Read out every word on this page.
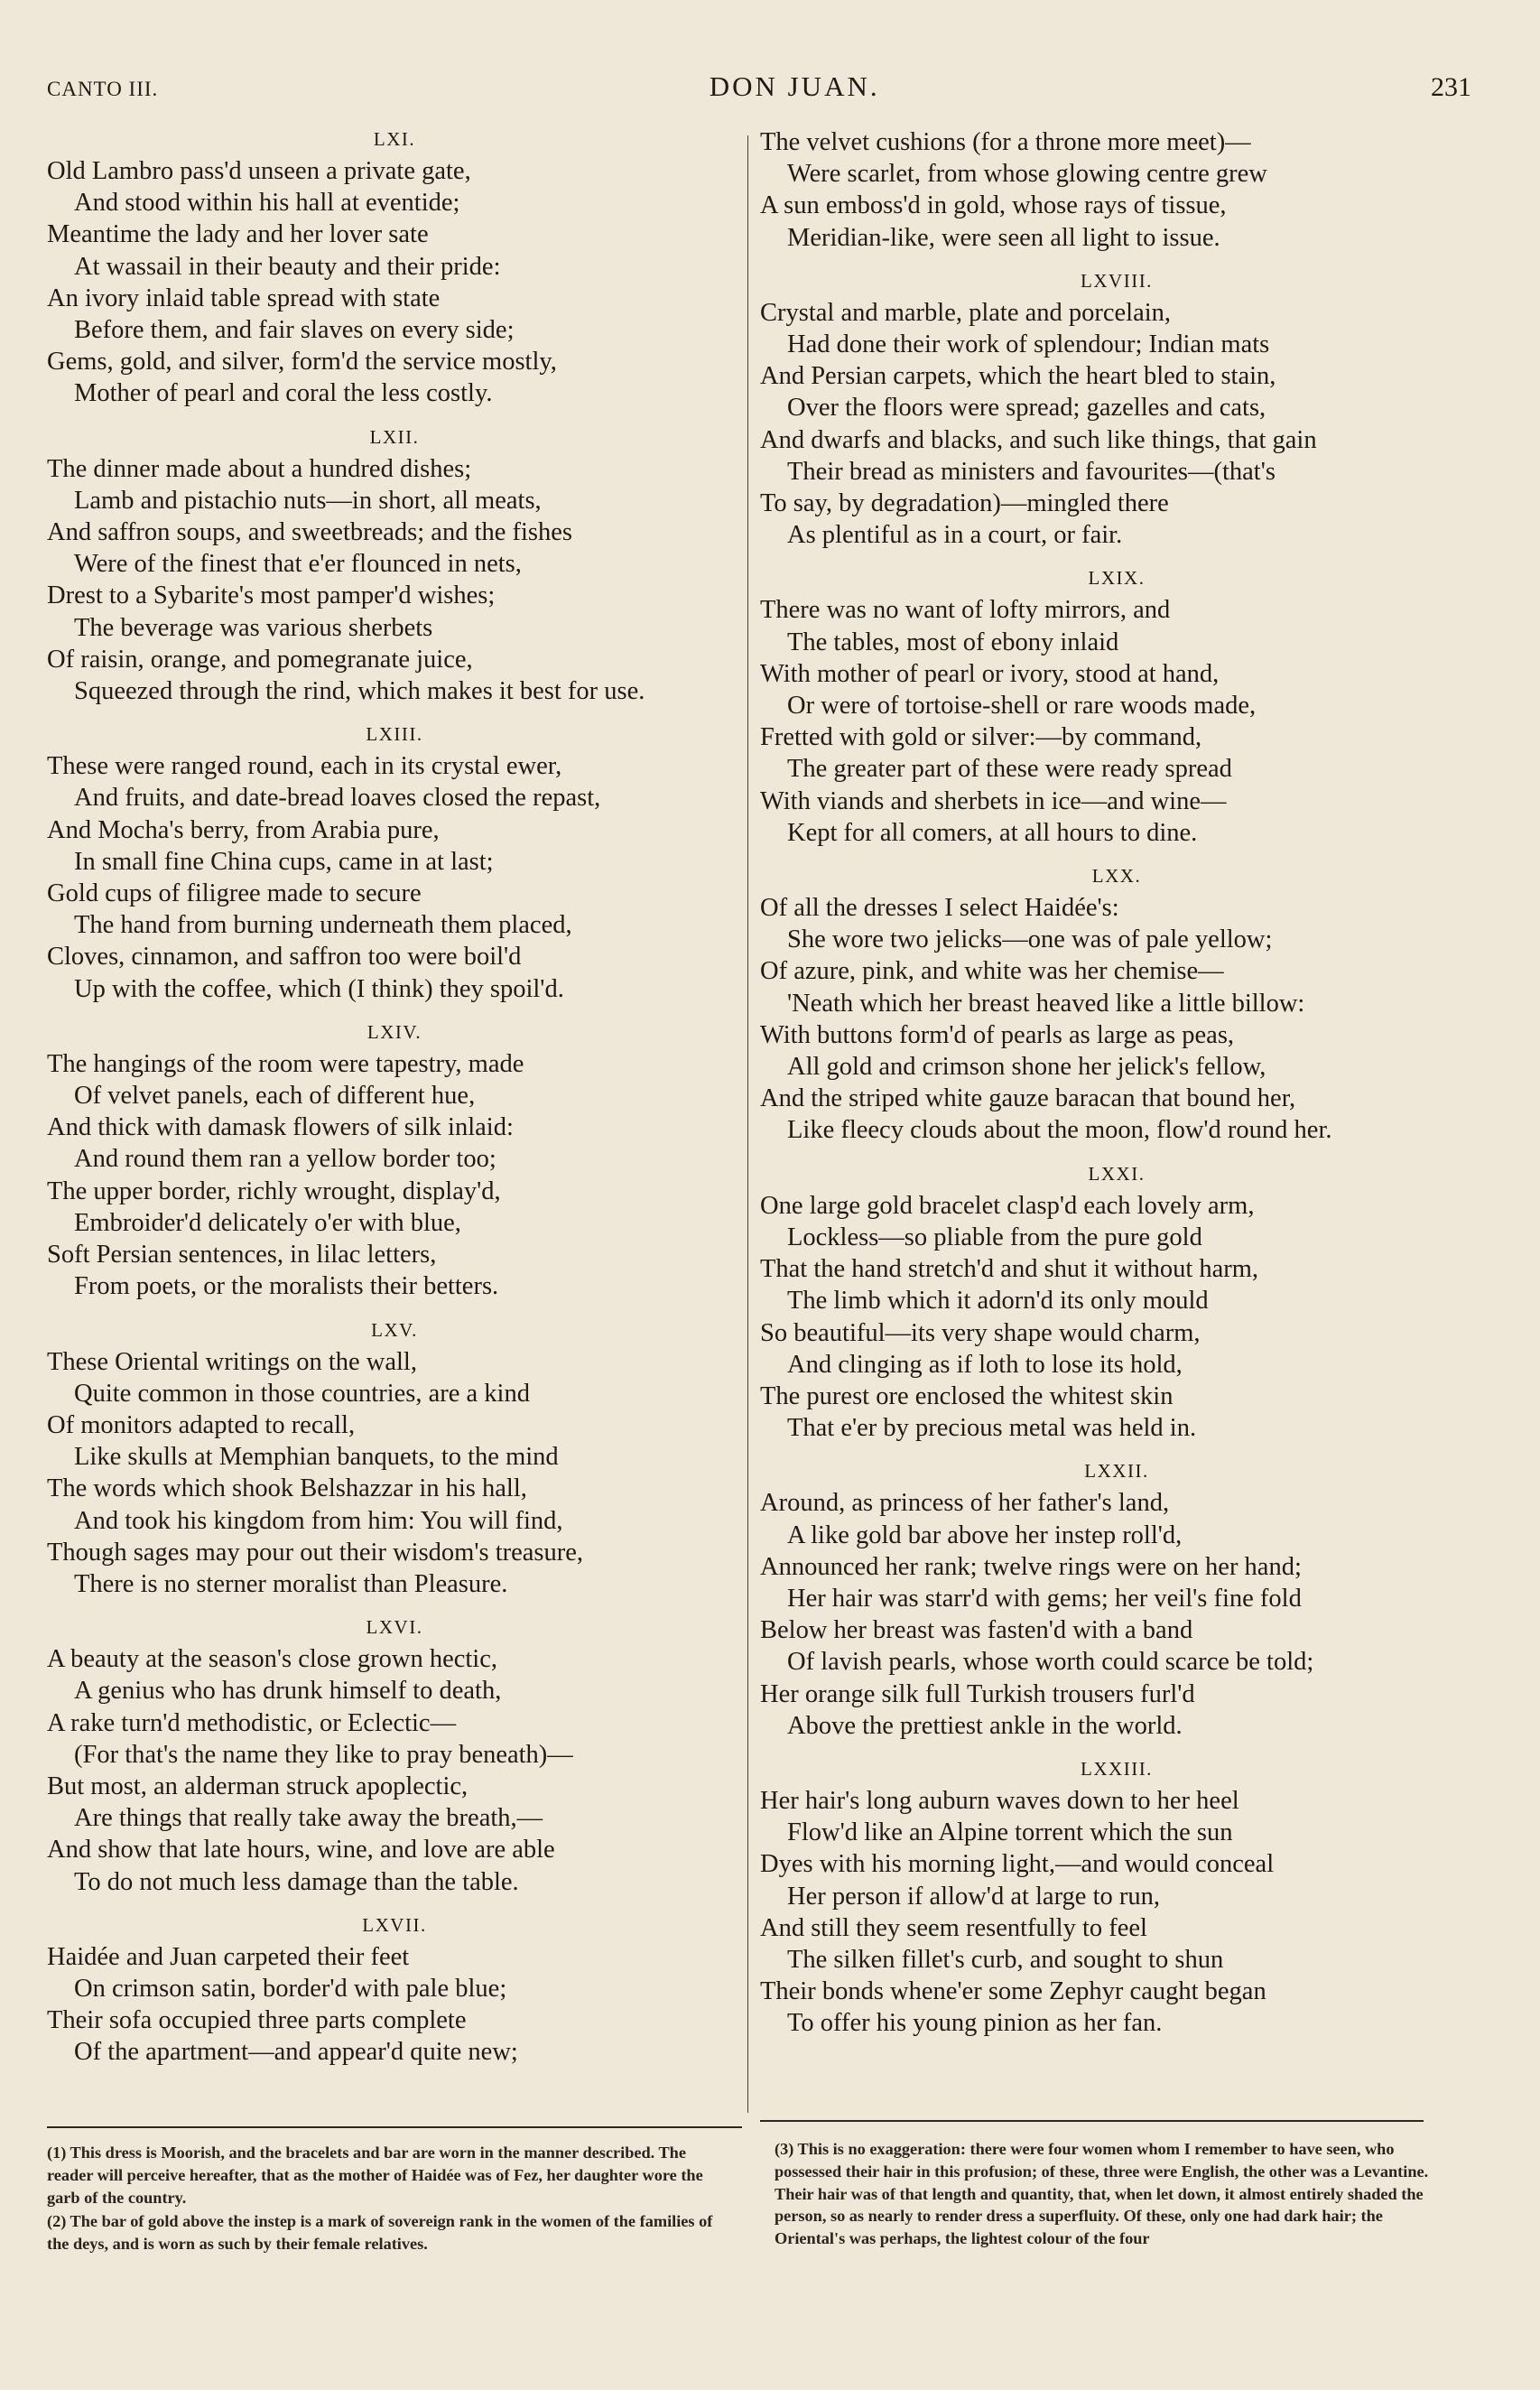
CANTO III.	DON JUAN.	231
LXI.
Old Lambro pass'd unseen a private gate,
And stood within his hall at eventide;
Meantime the lady and her lover sate
At wassail in their beauty and their pride:
An ivory inlaid table spread with state
Before them, and fair slaves on every side;
Gems, gold, and silver, form'd the service mostly,
Mother of pearl and coral the less costly.
LXII.
The dinner made about a hundred dishes;
Lamb and pistachio nuts—in short, all meats,
And saffron soups, and sweetbreads; and the fishes
Were of the finest that e'er flounced in nets,
Drest to a Sybarite's most pamper'd wishes;
The beverage was various sherbets
Of raisin, orange, and pomegranate juice,
Squeezed through the rind, which makes it best for use.
LXIII.
These were ranged round, each in its crystal ewer,
And fruits, and date-bread loaves closed the repast,
And Mocha's berry, from Arabia pure,
In small fine China cups, came in at last;
Gold cups of filigree made to secure
The hand from burning underneath them placed,
Cloves, cinnamon, and saffron too were boil'd
Up with the coffee, which (I think) they spoil'd.
LXIV.
The hangings of the room were tapestry, made
Of velvet panels, each of different hue,
And thick with damask flowers of silk inlaid:
And round them ran a yellow border too;
The upper border, richly wrought, display'd,
Embroider'd delicately o'er with blue,
Soft Persian sentences, in lilac letters,
From poets, or the moralists their betters.
LXV.
These Oriental writings on the wall,
Quite common in those countries, are a kind
Of monitors adapted to recall,
Like skulls at Memphian banquets, to the mind
The words which shook Belshazzar in his hall,
And took his kingdom from him: You will find,
Though sages may pour out their wisdom's treasure,
There is no sterner moralist than Pleasure.
LXVI.
A beauty at the season's close grown hectic,
A genius who has drunk himself to death,
A rake turn'd methodistic, or Eclectic—
(For that's the name they like to pray beneath)—
But most, an alderman struck apoplectic,
Are things that really take away the breath,—
And show that late hours, wine, and love are able
To do not much less damage than the table.
LXVII.
Haidée and Juan carpeted their feet
On crimson satin, border'd with pale blue;
Their sofa occupied three parts complete
Of the apartment—and appear'd quite new;
The velvet cushions (for a throne more meet)—
Were scarlet, from whose glowing centre grew
A sun emboss'd in gold, whose rays of tissue,
Meridian-like, were seen all light to issue.
LXVIII.
Crystal and marble, plate and porcelain,
Had done their work of splendour; Indian mats
And Persian carpets, which the heart bled to stain,
Over the floors were spread; gazelles and cats,
And dwarfs and blacks, and such like things, that gain
Their bread as ministers and favourites—(that's
To say, by degradation)—mingled there
As plentiful as in a court, or fair.
LXIX.
There was no want of lofty mirrors, and
The tables, most of ebony inlaid
With mother of pearl or ivory, stood at hand,
Or were of tortoise-shell or rare woods made,
Fretted with gold or silver:—by command,
The greater part of these were ready spread
With viands and sherbets in ice—and wine—
Kept for all comers, at all hours to dine.
LXX.
Of all the dresses I select Haidée's:
She wore two jelicks—one was of pale yellow;
Of azure, pink, and white was her chemise—
'Neath which her breast heaved like a little billow:
With buttons form'd of pearls as large as peas,
All gold and crimson shone her jelick's fellow,
And the striped white gauze baracan that bound her,
Like fleecy clouds about the moon, flow'd round her.
LXXI.
One large gold bracelet clasp'd each lovely arm,
Lockless—so pliable from the pure gold
That the hand stretch'd and shut it without harm,
The limb which it adorn'd its only mould
So beautiful—its very shape would charm,
And clinging as if loth to lose its hold,
The purest ore enclosed the whitest skin
That e'er by precious metal was held in.
LXXII.
Around, as princess of her father's land,
A like gold bar above her instep roll'd,
Announced her rank; twelve rings were on her hand;
Her hair was starr'd with gems; her veil's fine fold
Below her breast was fasten'd with a band
Of lavish pearls, whose worth could scarce be told;
Her orange silk full Turkish trousers furl'd
Above the prettiest ankle in the world.
LXXIII.
Her hair's long auburn waves down to her heel
Flow'd like an Alpine torrent which the sun
Dyes with his morning light,—and would conceal
Her person if allow'd at large to run,
And still they seem resentfully to feel
The silken fillet's curb, and sought to shun
Their bonds whene'er some Zephyr caught began
To offer his young pinion as her fan.

(1) This dress is Moorish, and the bracelets and bar are worn in the manner described. The reader will perceive hereafter, that as the mother of Haidée was of Fez, her daughter wore the garb of the country.

(2) The bar of gold above the instep is a mark of sovereign rank in the women of the families of the deys, and is worn as such by their female relatives.

(3) This is no exaggeration: there were four women whom I remember to have seen, who possessed their hair in this profusion; of these, three were English, the other was a Levantine. Their hair was of that length and quantity, that, when let down, it almost entirely shaded the person, so as nearly to render dress a superfluity. Of these, only one had dark hair; the Oriental's was perhaps, the lightest colour of the four
